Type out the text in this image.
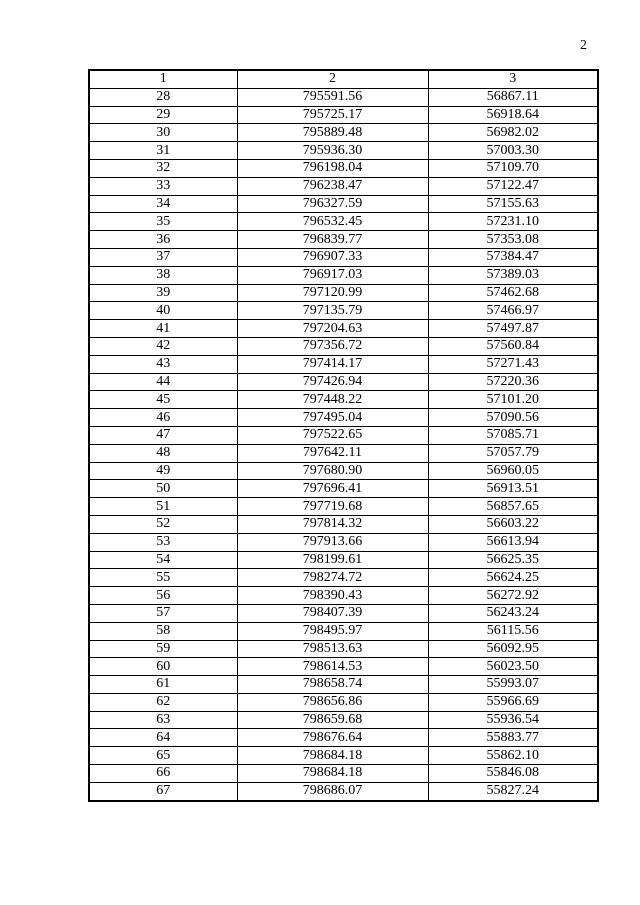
2
1	2	3
28	795591.56	56867.11
29	795725.17	56918.64
30	795889.48	56982.02
31	795936.30	57003.30
32	796198.04	57109.70
33	796238.47	57122.47
34	796327.59	57155.63
35	796532.45	57231.10
36	796839.77	57353.08
37	796907.33	57384.47
38	796917.03	57389.03
39	797120.99	57462.68
40	797135.79	57466.97
41	797204.63	57497.87
42	797356.72	57560.84
43	797414.17	57271.43
44	797426.94	57220.36
45	797448.22	57101.20
46	797495.04	57090.56
47	797522.65	57085.71
48	797642.11	57057.79
49	797680.90	56960.05
50	797696.41	56913.51
51	797719.68	56857.65
52	797814.32	56603.22
53	797913.66	56613.94
54	798199.61	56625.35
55	798274.72	56624.25
56	798390.43	56272.92
57	798407.39	56243.24
58	798495.97	56115.56
59	798513.63	56092.95
60	798614.53	56023.50
61	798658.74	55993.07
62	798656.86	55966.69
63	798659.68	55936.54
64	798676.64	55883.77
65	798684.18	55862.10
66	798684.18	55846.08
67	798686.07	55827.24
